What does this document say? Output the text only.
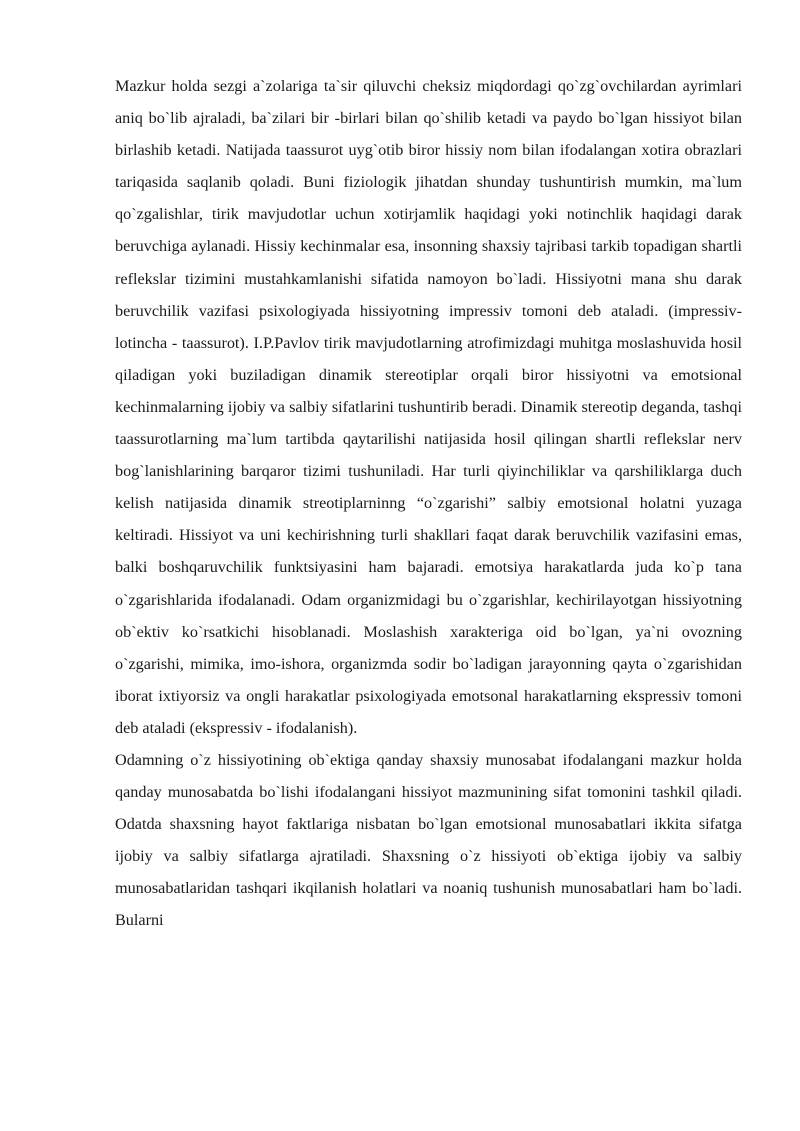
Mazkur holda sezgi a`zolariga ta`sir qiluvchi cheksiz miqdordagi qo`zg`ovchilardan ayrimlari aniq bo`lib ajraladi, ba`zilari bir -birlari bilan qo`shilib ketadi va paydo bo`lgan hissiyot bilan birlashib ketadi. Natijada taassurot uyg`otib biror hissiy nom bilan ifodalangan xotira obrazlari tariqasida saqlanib qoladi. Buni fiziologik jihatdan shunday tushuntirish mumkin, ma`lum qo`zgalishlar, tirik mavjudotlar uchun xotirjamlik haqidagi yoki notinchlik haqidagi darak beruvchiga aylanadi. Hissiy kechinmalar esa, insonning shaxsiy tajribasi tarkib topadigan shartli reflekslar tizimini mustahkamlanishi sifatida namoyon bo`ladi. Hissiyotni mana shu darak beruvchilik vazifasi psixologiyada hissiyotning impressiv tomoni deb ataladi. (impressiv-lotincha - taassurot). I.P.Pavlov tirik mavjudotlarning atrofimizdagi muhitga moslashuvida hosil qiladigan yoki buziladigan dinamik stereotiplar orqali biror hissiyotni va emotsional kechinmalarning ijobiy va salbiy sifatlarini tushuntirib beradi. Dinamik stereotip deganda, tashqi taassurotlarning ma`lum tartibda qaytarilishi natijasida hosil qilingan shartli reflekslar nerv bog`lanishlarining barqaror tizimi tushuniladi. Har turli qiyinchiliklar va qarshiliklarga duch kelish natijasida dinamik streotiplarninng “o`zgarishi” salbiy emotsional holatni yuzaga keltiradi. Hissiyot va uni kechirishning turli shakllari faqat darak beruvchilik vazifasini emas, balki boshqaruvchilik funktsiyasini ham bajaradi. emotsiya harakatlarda juda ko`p tana o`zgarishlarida ifodalanadi. Odam organizmidagi bu o`zgarishlar, kechirilayotgan hissiyotning ob`ektiv ko`rsatkichi hisoblanadi. Moslashish xarakteriga oid bo`lgan, ya`ni ovozning o`zgarishi, mimika, imo-ishora, organizmda sodir bo`ladigan jarayonning qayta o`zgarishidan iborat ixtiyorsiz va ongli harakatlar psixologiyada emotsonal harakatlarning ekspressiv tomoni deb ataladi (ekspressiv - ifodalanish).

Odamning o`z hissiyotining ob`ektiga qanday shaxsiy munosabat ifodalangani mazkur holda qanday munosabatda bo`lishi ifodalangani hissiyot mazmunining sifat tomonini tashkil qiladi. Odatda shaxsning hayot faktlariga nisbatan bo`lgan emotsional munosabatlari ikkita sifatga ijobiy va salbiy sifatlarga ajratiladi. Shaxsning o`z hissiyoti ob`ektiga ijobiy va salbiy munosabatlaridan tashqari ikqilanish holatlari va noaniq tushunish munosabatlari ham bo`ladi. Bularni
